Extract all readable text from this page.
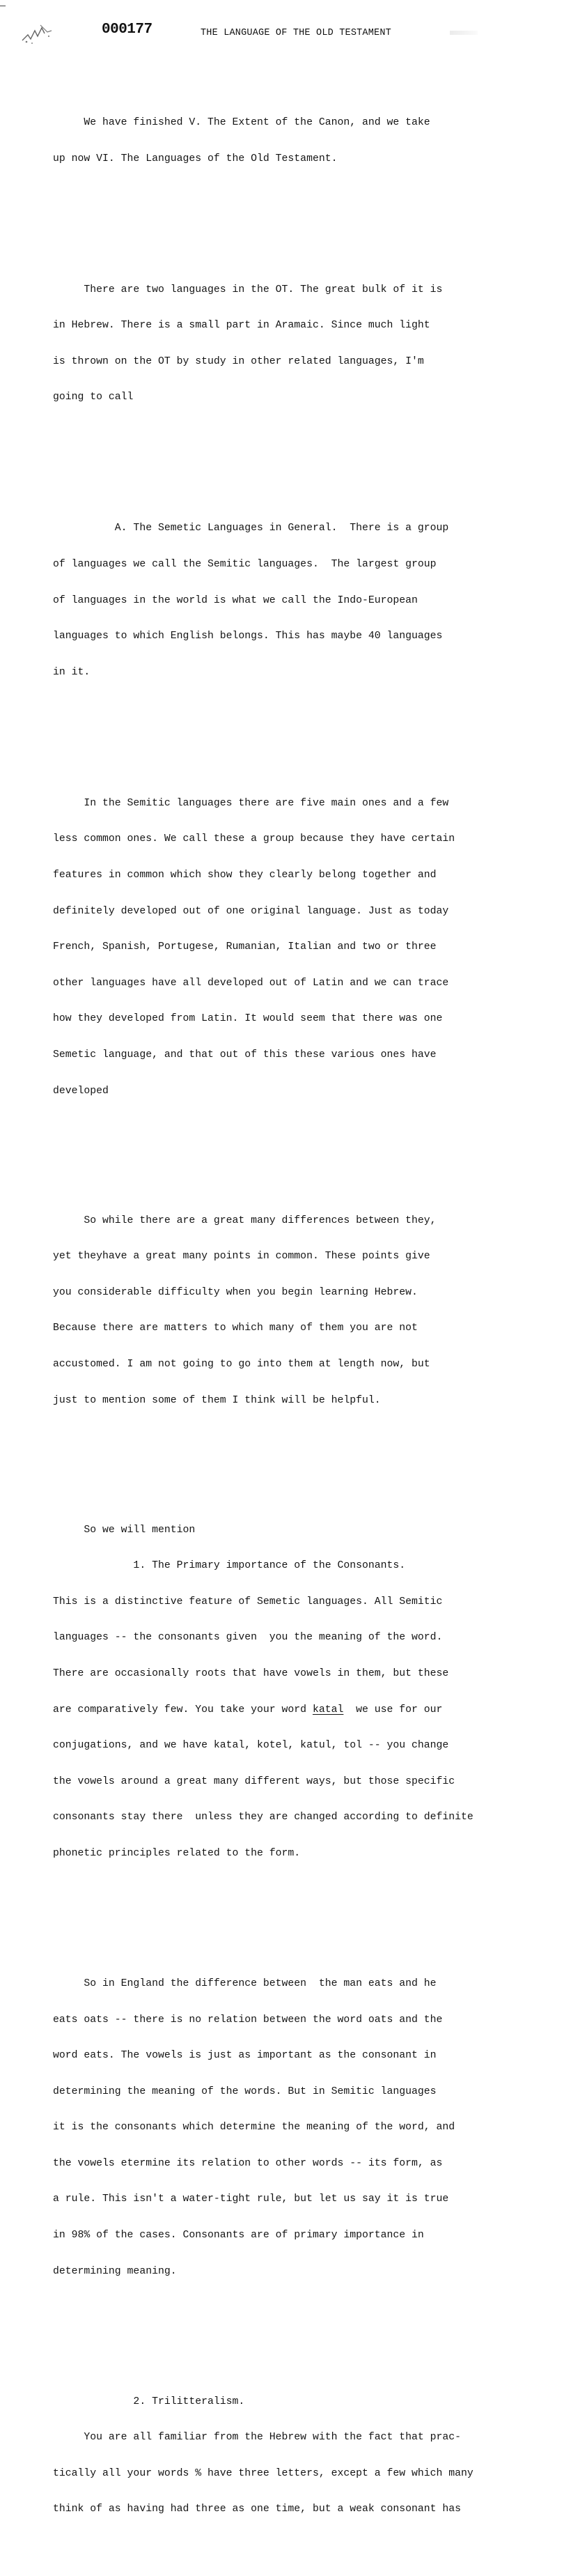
000177	THE LANGUAGE OF THE OLD TESTAMENT

We have finished V. The Extent of the Canon, and we take

up now VI. The Languages of the Old Testament.

There are two languages in the OT. The great bulk of it is

in Hebrew. There is a small part in Aramaic. Since much light

is thrown on the OT by study in other related languages, I'm

going to call

A. The Semetic Languages in General.  There is a group

of languages we call the Semitic languages.  The largest group

of languages in the world is what we call the Indo-European

languages to which English belongs. This has maybe 40 languages

in it.

In the Semitic languages there are five main ones and a few

less common ones. We call these a group because they have certain

features in common which show they clearly belong together and

definitely developed out of one original language. Just as today

French, Spanish, Portugese, Rumanian, Italian and two or three

other languages have all developed out of Latin and we can trace

how they developed from Latin. It would seem that there was one

Semetic language, and that out of this these various ones have

developed

So while there are a great many differences between they,

yet theyhave a great many points in common. These points give

you considerable difficulty when you begin learning Hebrew.

Because there are matters to which many of them you are not

accustomed. I am not going to go into them at length now, but

just to mention some of them I think will be helpful.

So we will mention

1. The Primary importance of the Consonants.

This is a distinctive feature of Semetic languages. All Semitic

languages -- the consonants given  you the meaning of the word.

There are occasionally roots that have vowels in them, but these

are comparatively few. You take your word katal  we use for our

conjugations, and we have katal, kotel, katul, tol -- you change

the vowels around a great many different ways, but those specific

consonants stay there  unless they are changed according to definite

phonetic principles related to the form.

So in England the difference between  the man eats and he

eats oats -- there is no relation between the word oats and the

word eats. The vowels is just as important as the consonant in

determining the meaning of the words. But in Semitic languages

it is the consonants which determine the meaning of the word, and

the vowels etermine its relation to other words -- its form, as

a rule. This isn't a water-tight rule, but let us say it is true

in 98% of the cases. Consonants are of primary importance in

determining meaning.

2. Trilitteralism.

You are all familiar from the Hebrew with the fact that prac-

tically all your words % have three letters, except a few which many

think of as having had three as one time, but a weak consonant has
